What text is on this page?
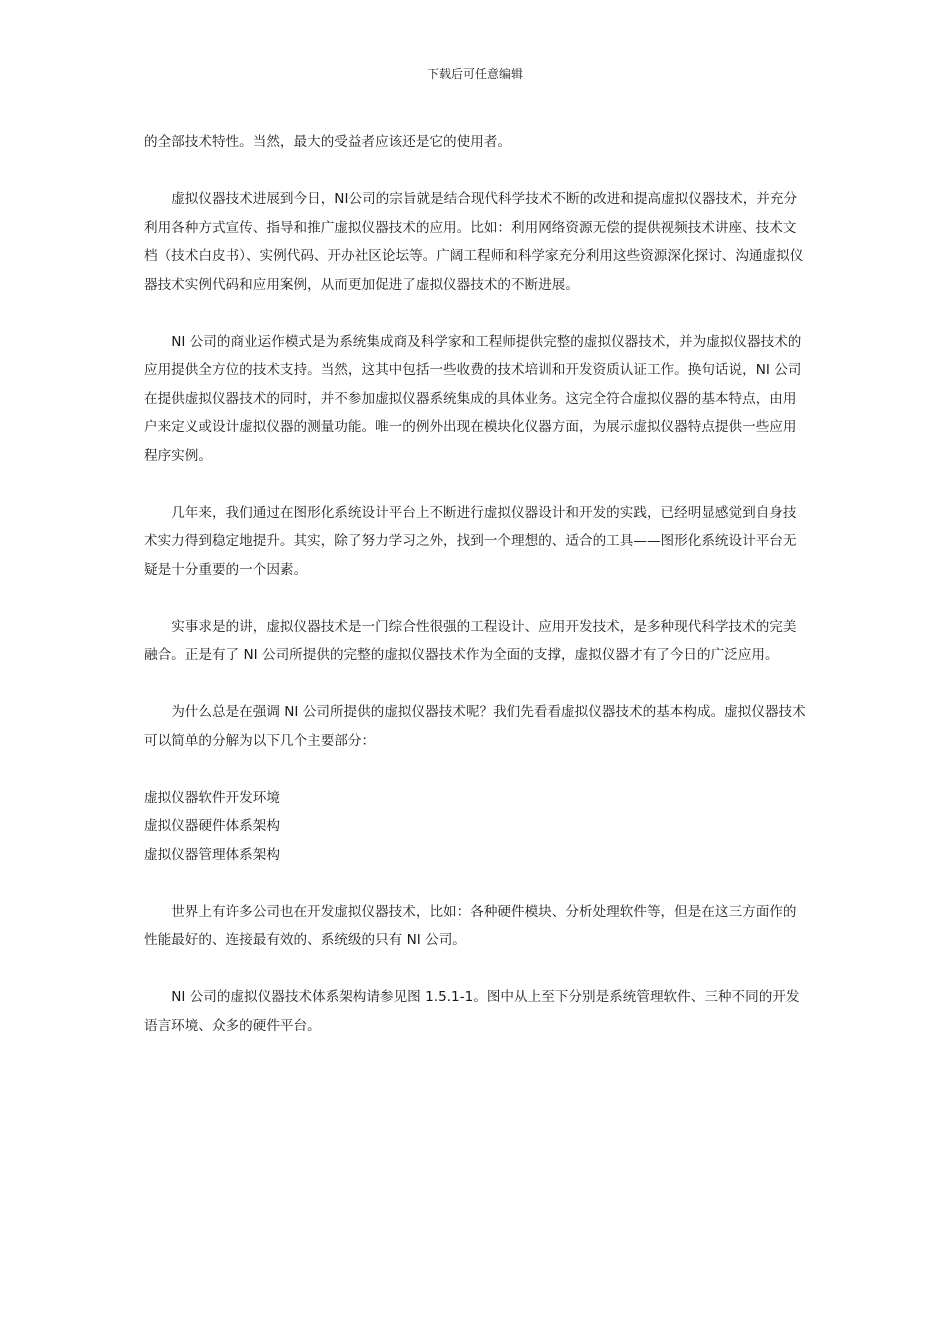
下载后可任意编辑

的全部技术特性。当然，最大的受益者应该还是它的使用者。

虚拟仪器技术进展到今日，NI公司的宗旨就是结合现代科学技术不断的改进和提高虚拟仪器技术，并充分利用各种方式宣传、指导和推广虚拟仪器技术的应用。比如：利用网络资源无偿的提供视频技术讲座、技术文档（技术白皮书）、实例代码、开办社区论坛等。广阔工程师和科学家充分利用这些资源深化探讨、沟通虚拟仪器技术实例代码和应用案例，从而更加促进了虚拟仪器技术的不断进展。

NI 公司的商业运作模式是为系统集成商及科学家和工程师提供完整的虚拟仪器技术，并为虚拟仪器技术的应用提供全方位的技术支持。当然，这其中包括一些收费的技术培训和开发资质认证工作。换句话说，NI 公司在提供虚拟仪器技术的同时，并不参加虚拟仪器系统集成的具体业务。这完全符合虚拟仪器的基本特点，由用户来定义或设计虚拟仪器的测量功能。唯一的例外出现在模块化仪器方面，为展示虚拟仪器特点提供一些应用程序实例。

几年来，我们通过在图形化系统设计平台上不断进行虚拟仪器设计和开发的实践，已经明显感觉到自身技术实力得到稳定地提升。其实，除了努力学习之外，找到一个理想的、适合的工具——图形化系统设计平台无疑是十分重要的一个因素。

实事求是的讲，虚拟仪器技术是一门综合性很强的工程设计、应用开发技术，是多种现代科学技术的完美融合。正是有了 NI 公司所提供的完整的虚拟仪器技术作为全面的支撑，虚拟仪器才有了今日的广泛应用。

为什么总是在强调 NI 公司所提供的虚拟仪器技术呢？我们先看看虚拟仪器技术的基本构成。虚拟仪器技术可以简单的分解为以下几个主要部分：

虚拟仪器软件开发环境
虚拟仪器硬件体系架构
虚拟仪器管理体系架构

世界上有许多公司也在开发虚拟仪器技术，比如：各种硬件模块、分析处理软件等，但是在这三方面作的性能最好的、连接最有效的、系统级的只有 NI 公司。

NI 公司的虚拟仪器技术体系架构请参见图 1.5.1-1。图中从上至下分别是系统管理软件、三种不同的开发语言环境、众多的硬件平台。
